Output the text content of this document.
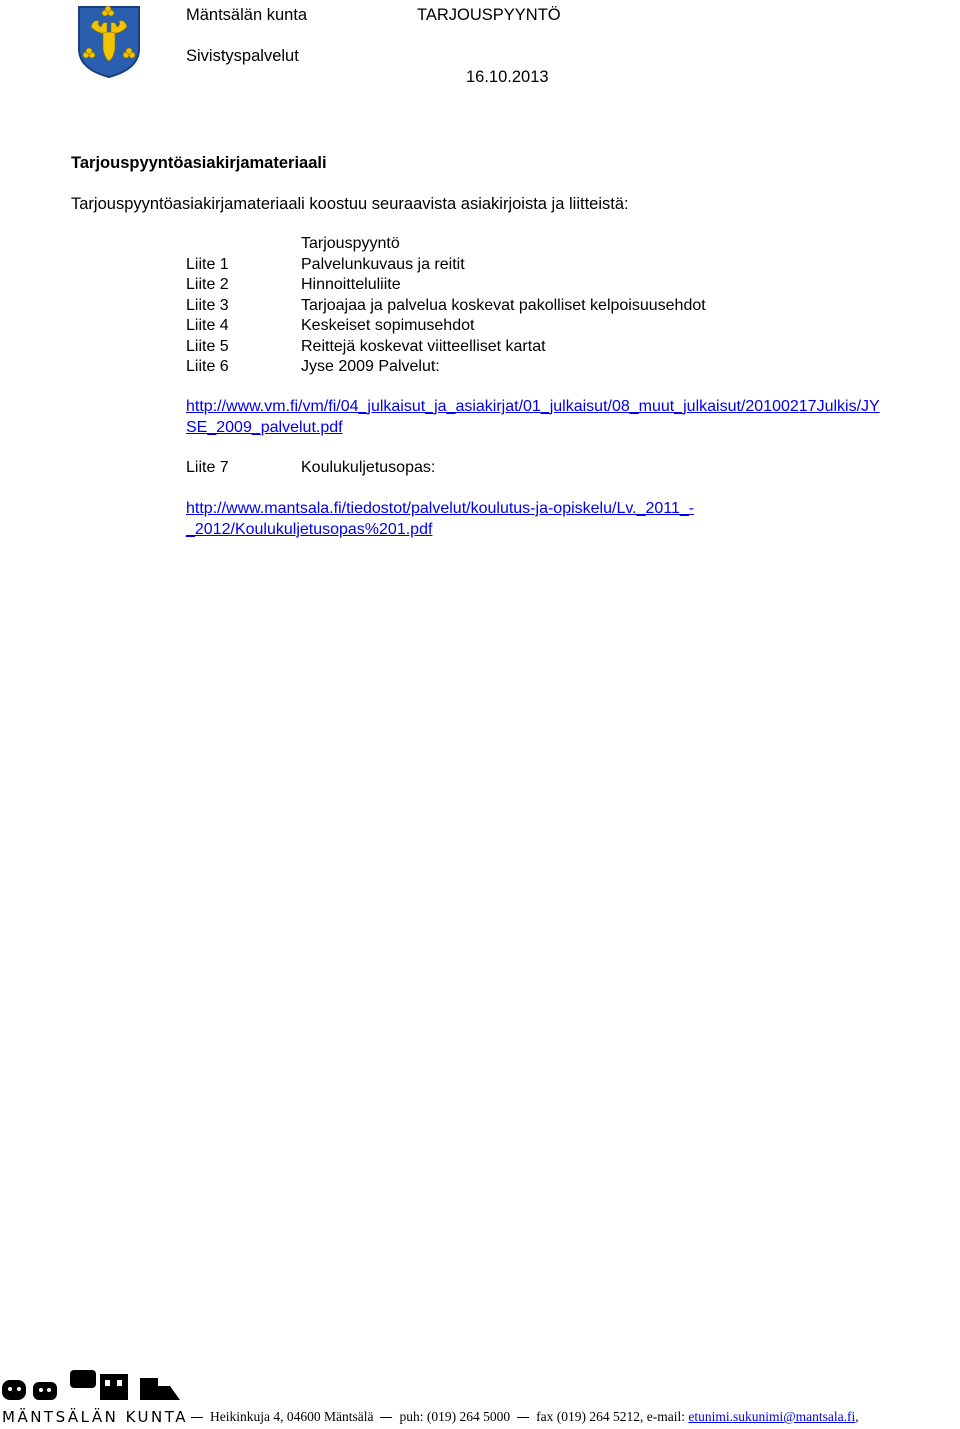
Mäntsälän kunta	TARJOUSPYYNTÖ
Sivistyspalvelut
16.10.2013
Tarjouspyyntöasiakirjamateriaali
Tarjouspyyntöasiakirjamateriaali koostuu seuraavista asiakirjoista ja liitteistä:
Tarjouspyyntö
Liite 1	Palvelunkuvaus ja reitit
Liite 2	Hinnoitteluliite
Liite 3	Tarjoajaa ja palvelua koskevat pakolliset kelpoisuusehdot
Liite 4	Keskeiset sopimusehdot
Liite 5	Reittejä koskevat viitteelliset kartat
Liite 6	Jyse 2009 Palvelut:
http://www.vm.fi/vm/fi/04_julkaisut_ja_asiakirjat/01_julkaisut/08_muut_julkaisut/20100217Julkis/JY
SE_2009_palvelut.pdf
Liite 7	Koulukuljetusopas:
http://www.mantsala.fi/tiedostot/palvelut/koulutus-ja-opiskelu/Lv._2011_-
_2012/Koulukuljetusopas%201.pdf
MÄNTSÄLÄN KUNTA	Heikinkuja 4, 04600 Mäntsälä puh: (019) 264 5000 fax (019) 264 5212, e-mail: etunimi.sukunimi@mantsala.fi,
